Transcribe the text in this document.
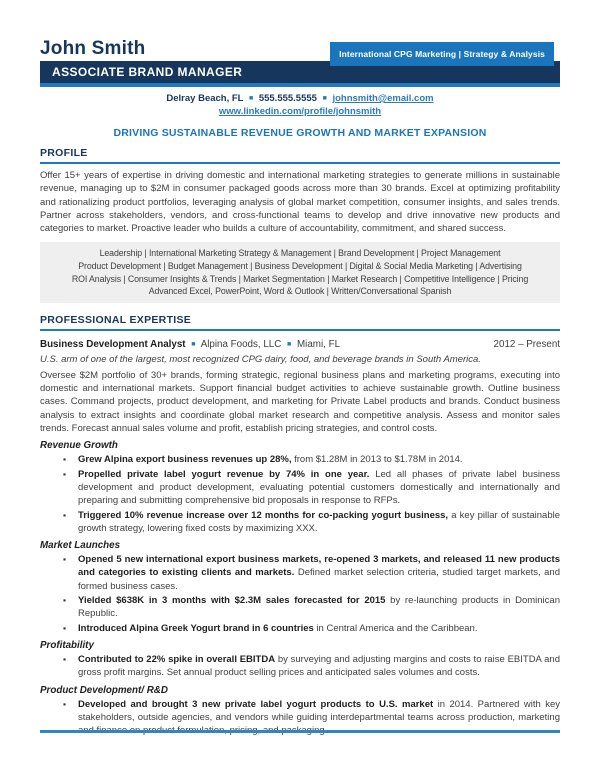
John Smith	International CPG Marketing | Strategy & Analysis
ASSOCIATE BRAND MANAGER
Delray Beach, FL ■ 555.555.5555 ■ johnsmith@email.com
www.linkedin.com/profile/johnsmith
DRIVING SUSTAINABLE REVENUE GROWTH AND MARKET EXPANSION
PROFILE
Offer 15+ years of expertise in driving domestic and international marketing strategies to generate millions in sustainable revenue, managing up to $2M in consumer packaged goods across more than 30 brands. Excel at optimizing profitability and rationalizing product portfolios, leveraging analysis of global market competition, consumer insights, and sales trends. Partner across stakeholders, vendors, and cross-functional teams to develop and drive innovative new products and categories to market. Proactive leader who builds a culture of accountability, commitment, and shared success.
Leadership | International Marketing Strategy & Management | Brand Development | Project Management
Product Development | Budget Management | Business Development | Digital & Social Media Marketing | Advertising
ROI Analysis | Consumer Insights & Trends | Market Segmentation | Market Research | Competitive Intelligence | Pricing
Advanced Excel, PowerPoint, Word & Outlook | Written/Conversational Spanish
PROFESSIONAL EXPERTISE
Business Development Analyst ■ Alpina Foods, LLC ■ Miami, FL	2012 – Present
U.S. arm of one of the largest, most recognized CPG dairy, food, and beverage brands in South America.
Oversee $2M portfolio of 30+ brands, forming strategic, regional business plans and marketing programs, executing into domestic and international markets. Support financial budget activities to achieve sustainable growth. Outline business cases. Command projects, product development, and marketing for Private Label products and brands. Conduct business analysis to extract insights and coordinate global market research and competitive analysis. Assess and monitor sales trends. Forecast annual sales volume and profit, establish pricing strategies, and control costs.
Revenue Growth
▪ Grew Alpina export business revenues up 28%, from $1.28M in 2013 to $1.78M in 2014.
▪ Propelled private label yogurt revenue by 74% in one year. Led all phases of private label business development and product development, evaluating potential customers domestically and internationally and preparing and submitting comprehensive bid proposals in response to RFPs.
▪ Triggered 10% revenue increase over 12 months for co-packing yogurt business, a key pillar of sustainable growth strategy, lowering fixed costs by maximizing XXX.
Market Launches
▪ Opened 5 new international export business markets, re-opened 3 markets, and released 11 new products and categories to existing clients and markets. Defined market selection criteria, studied target markets, and formed business cases.
▪ Yielded $638K in 3 months with $2.3M sales forecasted for 2015 by re-launching products in Dominican Republic.
▪ Introduced Alpina Greek Yogurt brand in 6 countries in Central America and the Caribbean.
Profitability
▪ Contributed to 22% spike in overall EBITDA by surveying and adjusting margins and costs to raise EBITDA and gross profit margins. Set annual product selling prices and anticipated sales volumes and costs.
Product Development/ R&D
▪ Developed and brought 3 new private label yogurt products to U.S. market in 2014. Partnered with key stakeholders, outside agencies, and vendors while guiding interdepartmental teams across production, marketing and finance on product formulation, pricing, and packaging.
